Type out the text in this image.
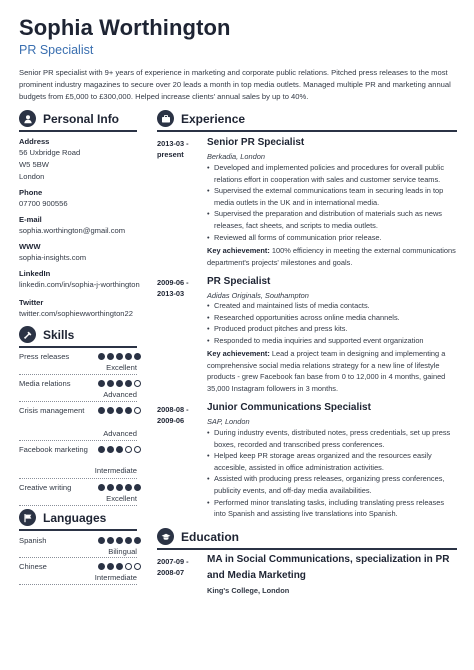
Sophia Worthington
PR Specialist
Senior PR specialist with 9+ years of experience in marketing and corporate public relations. Pitched press releases to the most prominent industry magazines to secure over 20 leads a month in top media outlets. Managed multiple PR and marketing annual budgets from £5,000 to £300,000. Helped increase clients' annual sales by up to 40%.
Personal Info
Address
56 Uxbridge Road
W5 5BW
London
Phone
07700 900556
E-mail
sophia.worthington@gmail.com
WWW
sophia-insights.com
LinkedIn
linkedin.com/in/sophia-j-worthington
Twitter
twitter.com/sophiewworthington22
Skills
Press releases
Excellent
Media relations
Advanced
Crisis management
Advanced
Facebook marketing
Intermediate
Creative writing
Excellent
Languages
Spanish
Bilingual
Chinese
Intermediate
Experience
2013-03 -
present
Senior PR Specialist
Berkadia, London
• Developed and implemented policies and procedures for overall public relations effort in cooperation with sales and customer service teams.
• Supervised the external communications team in securing leads in top media outlets in the UK and in international media.
• Supervised the preparation and distribution of materials such as news releases, fact sheets, and scripts to media outlets.
• Reviewed all forms of communication prior release.
Key achievement: 100% efficiency in meeting the external communications department's projects' milestones and goals.
2009-06 -
2013-03
PR Specialist
Adidas Originals, Southampton
• Created and maintained lists of media contacts.
• Researched opportunities across online media channels.
• Produced product pitches and press kits.
• Responded to media inquiries and supported event organization
Key achievement: Lead a project team in designing and implementing a comprehensive social media relations strategy for a new line of lifestyle products - grew Facebook fan base from 0 to 12,000 in 4 months, gained 35,000 Instagram followers in 3 months.
2008-08 -
2009-06
Junior Communications Specialist
SAP, London
• During industry events, distributed notes, press credentials, set up press boxes, recorded and transcribed press conferences.
• Helped keep PR storage areas organized and the resources easily accesible, assisted in office administration activities.
• Assisted with producing press releases, organizing press conferences, publicity events, and off-day media availabilities.
• Performed minor translating tasks, including translating press releases into Spanish and assisting live translations into Spanish.
Education
2007-09 -
2008-07
MA in Social Communications, specialization in PR and Media Marketing
King's College, London
